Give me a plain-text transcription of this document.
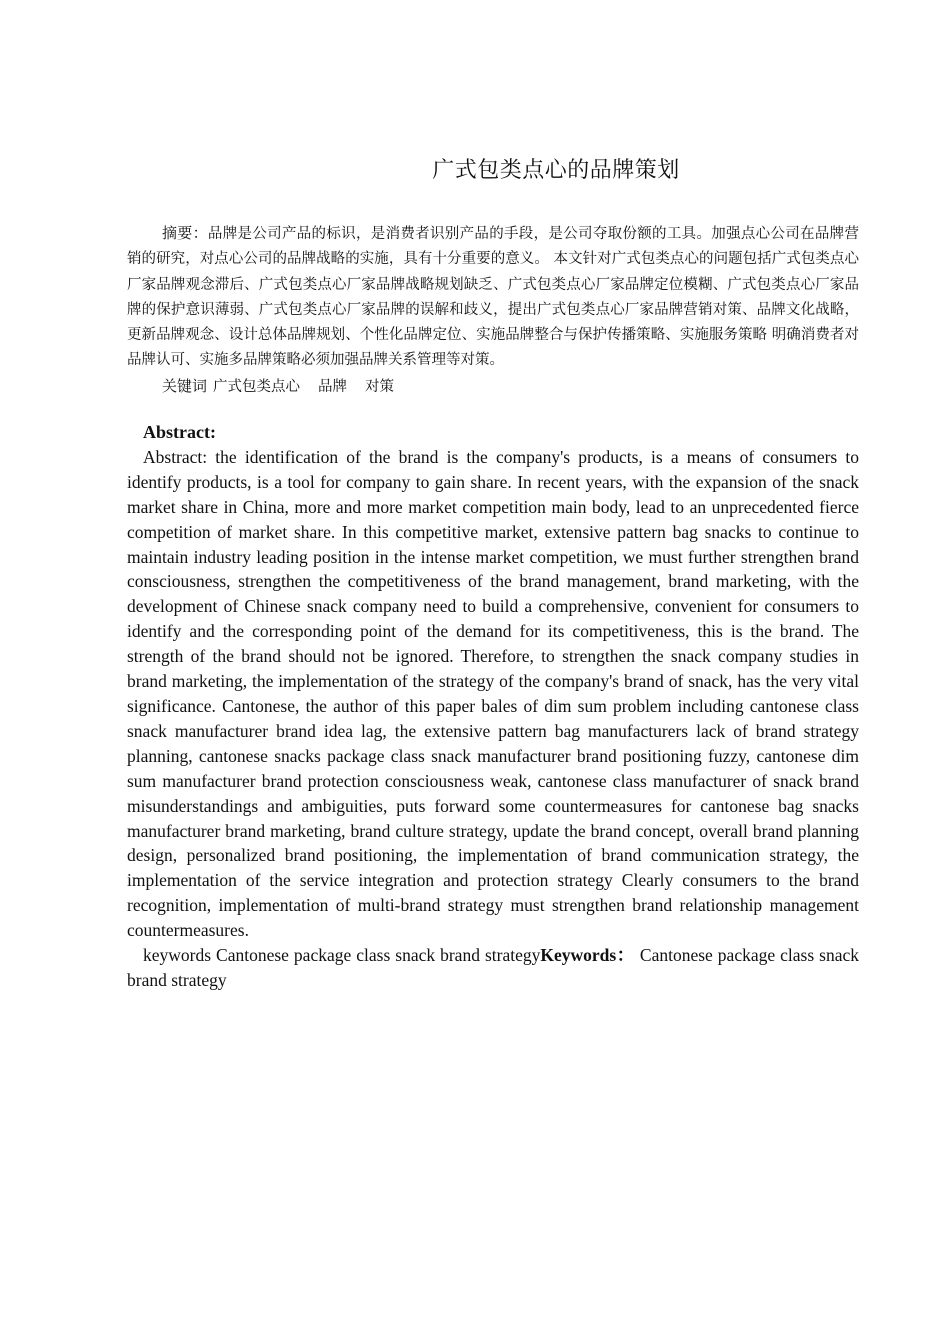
广式包类点心的品牌策划

摘要：品牌是公司产品的标识，是消费者识别产品的手段，是公司夺取份额的工具。加强点心公司在品牌营销的研究，对点心公司的品牌战略的实施，具有十分重要的意义。 本文针对广式包类点心的问题包括广式包类点心厂家品牌观念滞后、广式包类点心厂家品牌战略规划缺乏、广式包类点心厂家品牌定位模糊、广式包类点心厂家品牌的保护意识薄弱、广式包类点心厂家品牌的误解和歧义，提出广式包类点心厂家品牌营销对策、品牌文化战略，更新品牌观念、设计总体品牌规划、个性化品牌定位、实施品牌整合与保护传播策略、实施服务策略 明确消费者对品牌认可、实施多品牌策略必须加强品牌关系管理等对策。

关键词 广式包类点心 品牌 对策

Abstract:

Abstract: the identification of the brand is the company's products, is a means of consumers to identify products, is a tool for company to gain share. In recent years, with the expansion of the snack market share in China, more and more market competition main body, lead to an unprecedented fierce competition of market share. In this competitive market, extensive pattern bag snacks to continue to maintain industry leading position in the intense market competition, we must further strengthen brand consciousness, strengthen the competitiveness of the brand management, brand marketing, with the development of Chinese snack company need to build a comprehensive, convenient for consumers to identify and the corresponding point of the demand for its competitiveness, this is the brand. The strength of the brand should not be ignored. Therefore, to strengthen the snack company studies in brand marketing, the implementation of the strategy of the company's brand of snack, has the very vital significance. Cantonese, the author of this paper bales of dim sum problem including cantonese class snack manufacturer brand idea lag, the extensive pattern bag manufacturers lack of brand strategy planning, cantonese snacks package class snack manufacturer brand positioning fuzzy, cantonese dim sum manufacturer brand protection consciousness weak, cantonese class manufacturer of snack brand misunderstandings and ambiguities, puts forward some countermeasures for cantonese bag snacks manufacturer brand marketing, brand culture strategy, update the brand concept, overall brand planning design, personalized brand positioning, the implementation of brand communication strategy, the implementation of the service integration and protection strategy Clearly consumers to the brand recognition, implementation of multi-brand strategy must strengthen brand relationship management countermeasures.

keywords Cantonese package class snack brand strategyKeywords： Cantonese package class snack brand strategy
